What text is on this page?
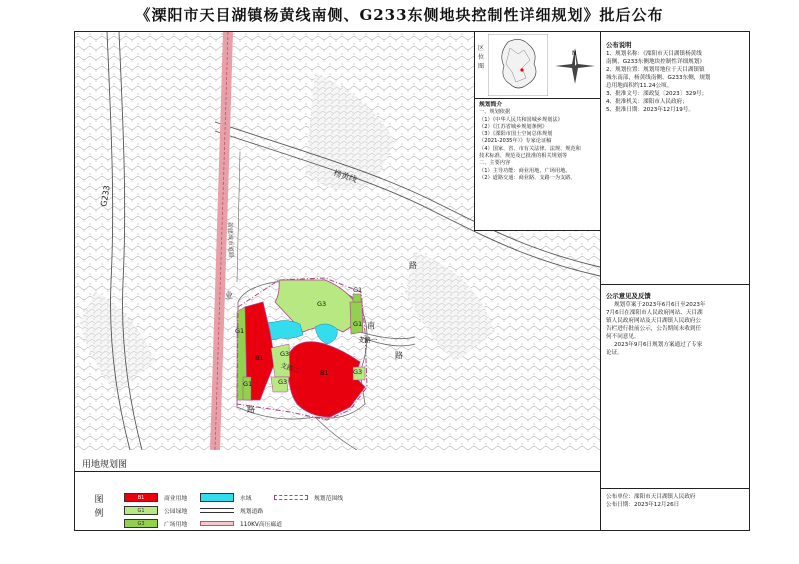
《溧阳市天目湖镇杨黄线南侧、G233东侧地块控制性详细规划》批后公布
G233
杨黄线
新建城市道路
支路二
业
南
路
路
路
支路一
B1
B1
G3
G1
G1
G1
G1
G3
G3
G3
区位图
N

规划简介

一、规划依据

（1）《中华人民共和国城乡规划法》

（2）《江苏省城乡规划条例》

（3）《溧阳市国土空间总体规划

（2021-2035年）》专家论证稿

（4）国家、省、市有关法律、法规、规范和

技术标准、规范及已批准的相关规划等

二、主要内容

（1）主导功能：商业用地、广场用地。

（2）道路交通：商业路、支路一为支路。

用地规划图
图例
B1	商业用地
G1	公园绿地
G3	广场用地
水域
规划道路
110KV高压廊道
规划范围线

公布说明

1、规划名称：《溧阳市天目湖镇杨黄线

南侧、G233东侧地块控制性详细规划》

2、规划位置：规划用地位于天目湖镇镇

城东南部，杨黄线南侧、G233东侧，规划

总用地面积约11.24公顷。

3、批准文号：溧政复〔2023〕329号；

4、批准机关：溧阳市人民政府；

5、批准日期：2023年12月19号。

公示意见及反馈

规划草案于2023年6月6日至2023年

7月6日在溧阳市人民政府网站、天目湖

镇人民政府网站及天目湖镇人民政府公

告栏进行批前公示，公告期间未收到任

何不同意见。

2023年9月6日规划方案通过了专家

论证。

公布单位：溧阳市天目湖镇人民政府

公布日期：2023年12月26日
